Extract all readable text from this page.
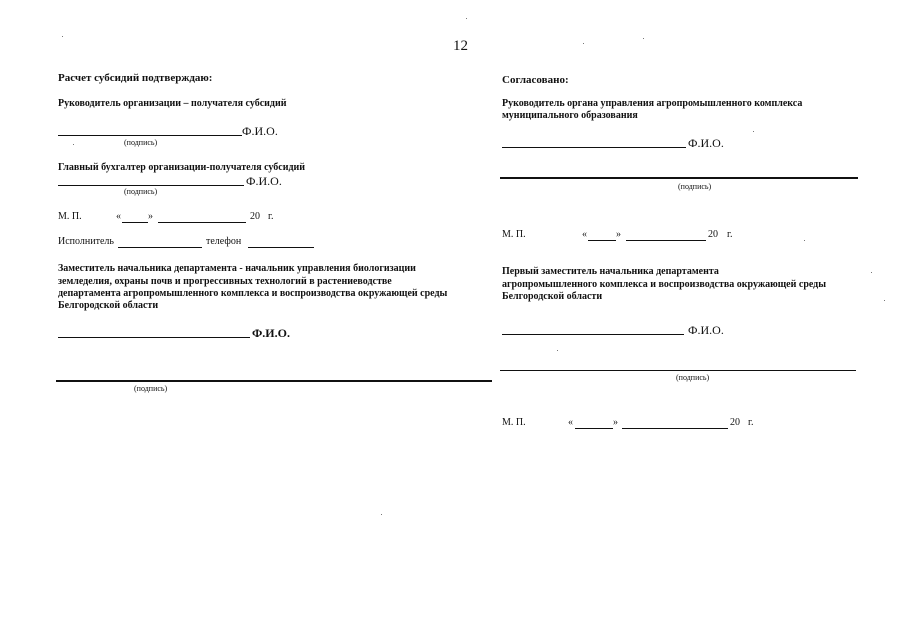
12
Расчет субсидий подтверждаю:
Руководитель организации – получателя субсидий
Ф.И.О.
(подпись)
Главный бухгалтер организации-получателя субсидий
Ф.И.О.
(подпись)
М. П.	«	»	20 г.
Исполнитель	телефон
Заместитель начальника департамента - начальник управления биологизации
земледелия, охраны почв и прогрессивных технологий в растениеводстве
департамента агропромышленного комплекса и воспроизводства окружающей среды
Белгородской области
Ф.И.О.
(подпись)
Согласовано:
Руководитель органа управления агропромышленного комплекса
муниципального образования
Ф.И.О.
(подпись)
М. П.	«	»	20 г.
Первый заместитель начальника департамента
агропромышленного комплекса и воспроизводства окружающей среды
Белгородской области
Ф.И.О.
(подпись)
М. П.	«	»	20 г.
